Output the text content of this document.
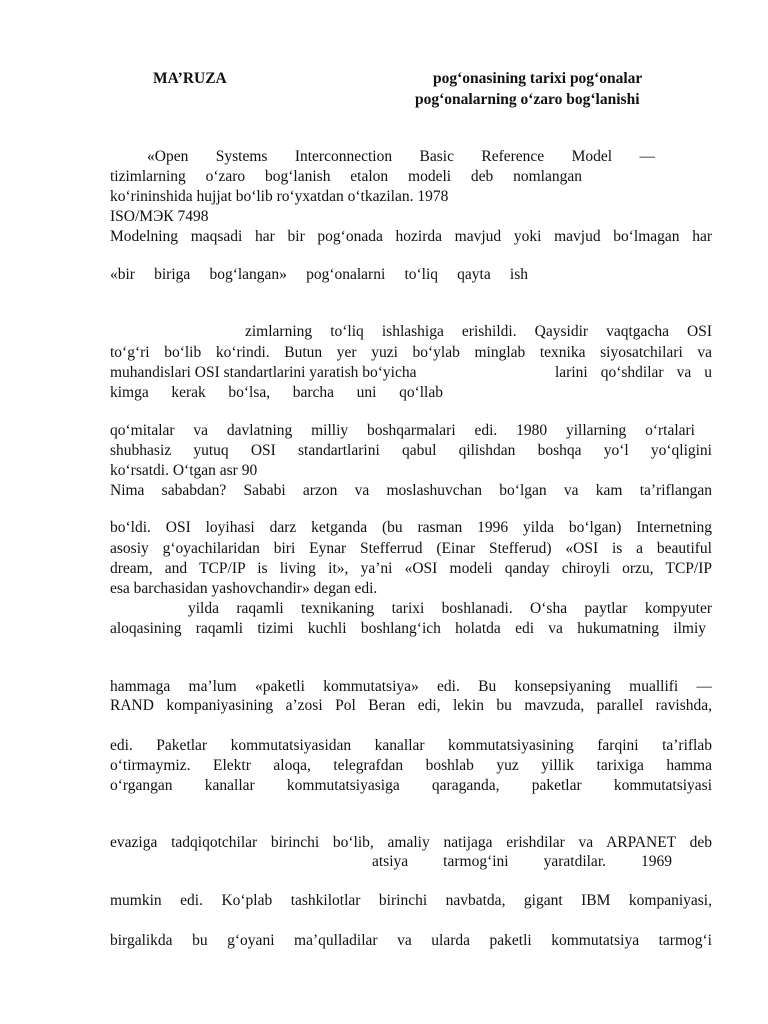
MA’RUZA	pog‘onasining tarixi pog‘onalar

pog‘onalarning o‘zaro bog‘lanishi

«Open Systems Interconnection Basic Reference Model —

tizimlarning o‘zaro bog‘lanish etalon modeli deb nomlangan

ko‘rininshida hujjat bo‘lib ro‘yxatdan o‘tkazilan. 1978

ISO/МЭК 7498

Modelning maqsadi har bir pog‘onada hozirda mavjud yoki mavjud bo‘lmagan har

«bir biriga bog‘langan» pog‘onalarni to‘liq qayta ish

zimlarning to‘liq ishlashiga erishildi. Qaysidir vaqtgacha OSI

to‘g‘ri bo‘lib ko‘rindi. Butun yer yuzi bo‘ylab minglab texnika siyosatchilari va

muhandislari OSI standartlarini yaratish bo‘yicha	larini qo‘shdilar va u

kimga kerak bo‘lsa, barcha uni qo‘llab

qo‘mitalar va davlatning milliy boshqarmalari edi. 1980 yillarning o‘rtalari

shubhasiz yutuq OSI standartlarini qabul qilishdan boshqa yo‘l yo‘qligini

ko‘rsatdi. O‘tgan asr 90

Nima sababdan? Sababi arzon va moslashuvchan bo‘lgan va kam ta’riflangan

bo‘ldi. OSI loyihasi darz ketganda (bu rasman 1996 yilda bo‘lgan) Internetning

asosiy g‘oyachilaridan biri Eynar Stefferrud (Einar Stefferud) «OSI is a beautiful

dream, and TCP/IP is living it», ya’ni «OSI modeli qanday chiroyli orzu, TCP/IP

esa barchasidan yashovchandir» degan edi.

yilda raqamli texnikaning tarixi boshlanadi. O‘sha paytlar kompyuter

aloqasining raqamli tizimi kuchli boshlang‘ich holatda edi va hukumatning ilmiy

hammaga ma’lum «paketli kommutatsiya» edi. Bu konsepsiyaning muallifi —

RAND kompaniyasining a’zosi Pol Beran edi, lekin bu mavzuda, parallel ravishda,

edi. Paketlar kommutatsiyasidan kanallar kommutatsiyasining farqini ta’riflab

o‘tirmaymiz. Elektr aloqa, telegrafdan boshlab yuz yillik tarixiga hamma

o‘rgangan kanallar kommutatsiyasiga qaraganda, paketlar kommutatsiyasi

evaziga tadqiqotchilar birinchi bo‘lib, amaliy natijaga erishdilar va ARPANET deb

atsiya tarmog‘ini yaratdilar. 1969

mumkin edi. Ko‘plab tashkilotlar birinchi navbatda, gigant IBM kompaniyasi,

birgalikda bu g‘oyani ma’qulladilar va ularda paketli kommutatsiya tarmog‘i
